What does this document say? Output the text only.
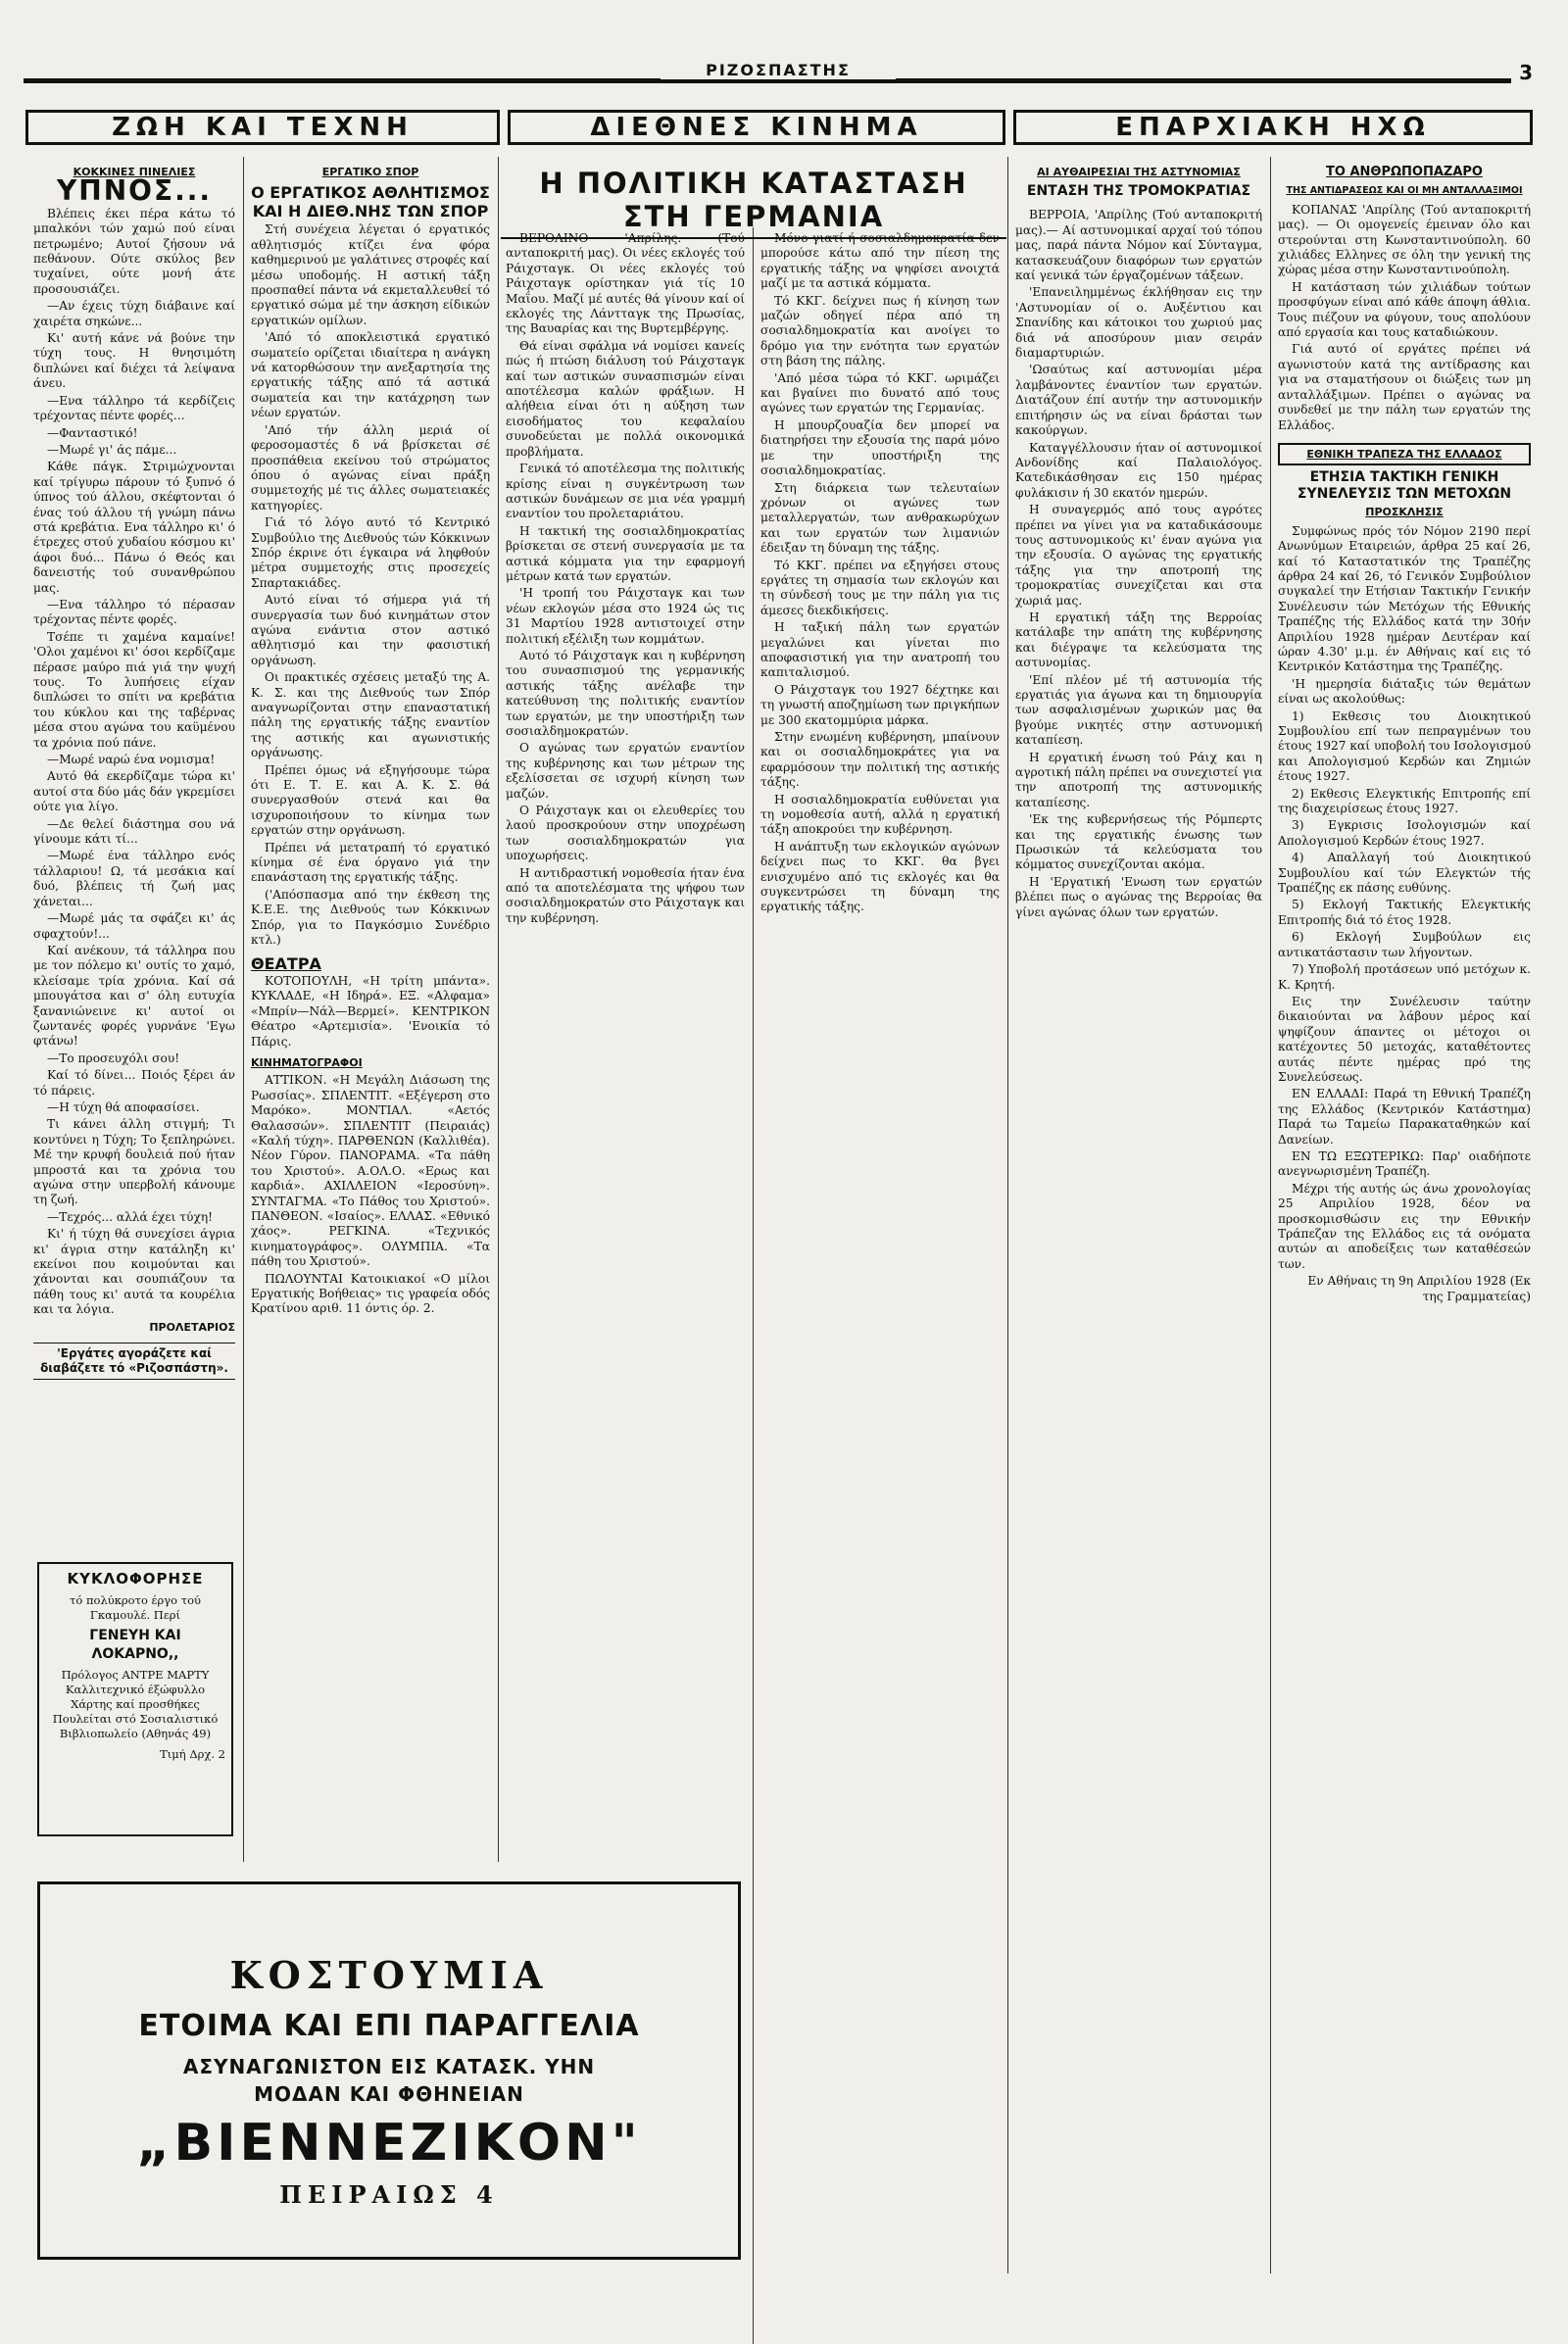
ΡΙΖΟΣΠΑΣΤΗΣ	3
ΖΩΗ ΚΑΙ ΤΕΧΝΗ	ΔΙΕΘΝΕΣ ΚΙΝΗΜΑ	ΕΠΑΡΧΙΑΚΗ ΗΧΩ
ΚΟΚΚΙΝΕΣ ΠΙΝΕΛΙΕΣ
ΥΠΝΟΣ...

Βλέπεις έκει πέρα κάτω τό μπαλκόνι τών χαμώ πού είναι πετρωμένο; Αυτοί ζήσουν νά πεθάνουν. Ούτε σκύλος βεν τυχαίνει, ούτε μονή άτε προσουσιάζει.

—Αν έχεις τύχη διάβαινε καί χαιρέτα σηκώνε...

Κι' αυτή κάνε νά βούνε την τύχη τους. Η θνησιμότη διπλώνει καί διέχει τά λείψανα άνευ.

—Ενα τάλληρο τά κερδίζεις τρέχοντας πέντε φορές...

—Φανταστικό!

—Μωρέ γι' άς πάμε...

Κάθε πάγκ. Στριμώχνονται καί τρίγυρω πάρουν τό ξυπνό ό ύπνος τού άλλου, σκέφτονται ό ένας τού άλλου τή γνώμη πάνω στά κρεβάτια. Ενα τάλληρο κι' ό έτρεχες στού χυδαίου κόσμου κι' άφοι δυό... Πάνω ό Θεός και δανειστής τού συνανθρώπου μας.

—Ενα τάλληρο τό πέρασαν τρέχοντας πέντε φορές.

Τσέπε τι χαμένα καμαίνε! 'Ολοι χαμένοι κι' όσοι κερδίζαμε πέρασε μαύρο πιά γιά την ψυχή τους. Το λυπήσεις είχαν διπλώσει το σπίτι να κρεβάτια του κύκλου και της ταβέρνας μέσα στου αγώνα του καϋμένου τα χρόνια πού πάνε.

—Μωρέ ναρώ ένα νομισμα!

Αυτό θά εκερδίζαμε τώρα κι' αυτοί στα δύο μάς δάν γκρεμίσει ούτε για λίγο.

—Δε θελεί διάστημα σου νά γίνουμε κάτι τί...

—Μωρέ ένα τάλληρο ενός τάλλαριου! Ω, τά μεσάκια καί δυό, βλέπεις τή ζωή μας χάνεται...

—Μωρέ μάς τα σφάζει κι' άς σφαχτούν!...

Καί ανέκουν, τά τάλληρα που με τον πόλεμο κι' ουτίς το χαμό, κλείσαμε τρία χρόνια. Καί σά μπουγάτσα και σ' όλη ευτυχία ξανανιώνεινε κι' αυτοί οι ζωντανές φορές γυρνάνε 'Εγω φτάνω!

—Το προσευχόλι σου!

Καί τό δίνει... Ποιός ξέρει άν τό πάρεις.

—Η τύχη θά αποφασίσει.

Τι κάνει άλλη στιγμή; Τι κοντύνει η Τύχη; Το ξεπληρώνει. Μέ την κρυφή δουλειά πού ήταν μπροστά και τα χρόνια του αγώνα στην υπερβολή κάνουμε τη ζωή.

—Τεχρός... αλλά έχει τύχη!

Κι' ή τύχη θά συνεχίσει άγρια κι' άγρια στην κατάληξη κι' εκείνοι που κοιμούνται και χάνονται και σουπιάζουν τα πάθη τους κι' αυτά τα κουρέλια και τα λόγια.

ΠΡΟΛΕΤΑΡΙΟΣ
'Εργάτες αγοράζετε καί διαβάζετε τό «Ριζοσπάστη».
ΚΥΚΛΟΦΟΡΗΣΕ
τό πολύκροτο έργο τού Γκαμουλέ. Περί
ΓΕΝΕΥΗ ΚΑΙ ΛΟΚΑΡΝΟ,,
Πρόλογος ΑΝΤΡΕ ΜΑΡΤΥ
Καλλιτεχνικό έξώφυλλο Χάρτης καί προσθήκες Πουλείται στό Σοσιαλιστικό Βιβλιοπωλείο (Αθηνάς 49)
Τιμή Δρχ. 2
ΕΡΓΑΤΙΚΟ ΣΠΟΡ
Ο ΕΡΓΑΤΙΚΟΣ ΑΘΛΗΤΙΣΜΟΣ ΚΑΙ Η ΔΙΕΘ.ΝΗΣ ΤΩΝ ΣΠΟΡ

Στή συνέχεια λέγεται ό εργατικός αθλητισμός κτίζει ένα φόρα καθημερινού με γαλάτινες στροφές καί μέσω υποδομής. Η αστική τάξη προσπαθεί πάντα νά εκμεταλλευθεί τό εργατικό σώμα μέ την άσκηση είδικών εργατικών ομίλων.

'Από τό αποκλειστικά εργατικό σωματείο ορίζεται ιδιαίτερα η ανάγκη νά κατορθώσουν την ανεξαρτησία της εργατικής τάξης από τά αστικά σωματεία και την κατάχρηση των νέων εργατών.

'Από τήν άλλη μεριά οί φεροσομαστές δ νά βρίσκεται σέ προσπάθεια εκείνου τού στρώματος όπου ό αγώνας είναι πράξη συμμετοχής μέ τις άλλες σωματειακές κατηγορίες.

Γιά τό λόγο αυτό τό Κεντρικό Συμβούλιο της Διεθνούς τών Κόκκινων Σπόρ έκρινε ότι έγκαιρα νά ληφθούν μέτρα συμμετοχής στις προσεχείς Σπαρτακιάδες.

Αυτό είναι τό σήμερα γιά τή συνεργασία των δυό κινημάτων στον αγώνα ενάντια στον αστικό αθλητισμό και την φασιστική οργάνωση.

Οι πρακτικές σχέσεις μεταξύ της Α. Κ. Σ. και της Διεθνούς των Σπόρ αναγνωρίζονται στην επαναστατική πάλη της εργατικής τάξης εναντίον της αστικής και αγωνιστικής οργάνωσης.

Πρέπει όμως νά εξηγήσουμε τώρα ότι Ε. Τ. Ε. και Α. Κ. Σ. θά συνεργασθούν στενά και θα ισχυροποιήσουν το κίνημα των εργατών στην οργάνωση.

Πρέπει νά μετατραπή τό εργατικό κίνημα σέ ένα όργανο γιά την επανάσταση της εργατικής τάξης.

('Απόσπασμα από την έκθεση της Κ.Ε.Ε. της Διεθνούς των Κόκκινων Σπόρ, για το Παγκόσμιο Συνέδριο κτλ.)

ΘΕΑΤΡΑ

ΚΟΤΟΠΟΥΛΗ, «Η τρίτη μπάντα». ΚΥΚΛΑΔΕ, «Η Ιδηρά». ΕΞ. «Αλφαμα» «Μπρίν—Νάλ—Βερμεί». ΚΕΝΤΡΙΚΟΝ Θέατρο «Αρτεμισία». 'Ενοικία τό Πάρις.

ΚΙΝΗΜΑΤΟΓΡΑΦΟΙ

ΑΤΤΙΚΟΝ. «Η Μεγάλη Διάσωση της Ρωσσίας». ΣΠΛΕΝΤΙΤ. «Εξέγερση στο Μαρόκο». ΜΟΝΤΙΑΛ. «Αετός Θαλασσών». ΣΠΛΕΝΤΙΤ (Πειραιάς) «Καλή τύχη». ΠΑΡΘΕΝΩΝ (Καλλιθέα). Νέον Γύρον. ΠΑΝΟΡΑΜΑ. «Τα πάθη του Χριστού». Α.ΟΛ.Ο. «Ερως και καρδιά». ΑΧΙΛΛΕΙΟΝ «Ιεροσύνη». ΣΥΝΤΑΓΜΑ. «Το Πάθος του Χριστού». ΠΑΝΘΕΟΝ. «Ισαίος». ΕΛΛΑΣ. «Εθνικό χάος». ΡΕΓΚΙΝΑ. «Τεχνικός κινηματογράφος». ΟΛΥΜΠΙΑ. «Τα πάθη του Χριστού».

ΠΩΛΟΥΝΤΑΙ Κατοικιακοί «Ο μίλοι Εργατικής Βοήθειας» τις γραφεία οδός Κρατίνου αριθ. 11 όντις όρ. 2.

Η ΠΟΛΙΤΙΚΗ ΚΑΤΑΣΤΑΣΗ ΣΤΗ ΓΕΡΜΑΝΙΑ

ΒΕΡΟΛΙΝΟ 'Απρίλης. (Τού ανταποκριτή μας). Οι νέες εκλογές τού Ράιχσταγκ. Οι νέες εκλογές τού Ράιχσταγκ ορίστηκαν γιά τίς 10 Μαΐου. Μαζί μέ αυτές θά γίνουν καί οί εκλογές της Λάντταγκ της Πρωσίας, της Βαυαρίας και της Βυρτεμβέργης.

Θά είναι σφάλμα νά νομίσει κανείς πώς ή πτώση διάλυση τού Ράιχσταγκ καί των αστικών συνασπισμών είναι αποτέλεσμα καλών φράξιων. Η αλήθεια είναι ότι η αύξηση των εισοδήματος του κεφαλαίου συνοδεύεται με πολλά οικονομικά προβλήματα.

Γενικά τό αποτέλεσμα της πολιτικής κρίσης είναι η συγκέντρωση των αστικών δυνάμεων σε μια νέα γραμμή εναντίον του προλεταριάτου.

Η τακτική της σοσιαλδημοκρατίας βρίσκεται σε στενή συνεργασία με τα αστικά κόμματα για την εφαρμογή μέτρων κατά των εργατών.

'Η τροπή του Ράιχσταγκ και των νέων εκλογών μέσα στο 1924 ώς τις 31 Μαρτίου 1928 αντιστοιχεί στην πολιτική εξέλιξη των κομμάτων.

Αυτό τό Ράιχσταγκ και η κυβέρνηση του συνασπισμού της γερμανικής αστικής τάξης ανέλαβε την κατεύθυνση της πολιτικής εναντίον των εργατών, με την υποστήριξη των σοσιαλδημοκρατών.

Ο αγώνας των εργατών εναντίον της κυβέρνησης και των μέτρων της εξελίσσεται σε ισχυρή κίνηση των μαζών.

Ο Ράιχσταγκ και οι ελευθερίες του λαού προσκρούουν στην υποχρέωση των σοσιαλδημοκρατών για υποχωρήσεις.

Η αντιδραστική νομοθεσία ήταν ένα από τα αποτελέσματα της ψήφου των σοσιαλδημοκρατών στο Ράιχσταγκ και την κυβέρνηση.

Μόνο γιατί ή σοσιαλδημοκρατία δεν μπορούσε κάτω από την πίεση της εργατικής τάξης να ψηφίσει ανοιχτά μαζί με τα αστικά κόμματα.

Τό ΚΚΓ. δείχνει πως ή κίνηση των μαζών οδηγεί πέρα από τη σοσιαλδημοκρατία και ανοίγει το δρόμο για την ενότητα των εργατών στη βάση της πάλης.

'Από μέσα τώρα τό ΚΚΓ. ωριμάζει και βγαίνει πιο δυνατό από τους αγώνες των εργατών της Γερμανίας.

Η μπουρζουαζία δεν μπορεί να διατηρήσει την εξουσία της παρά μόνο με την υποστήριξη της σοσιαλδημοκρατίας.

Στη διάρκεια των τελευταίων χρόνων οι αγώνες των μεταλλεργατών, των ανθρακωρύχων και των εργατών των λιμανιών έδειξαν τη δύναμη της τάξης.

Τό ΚΚΓ. πρέπει να εξηγήσει στους εργάτες τη σημασία των εκλογών και τη σύνδεσή τους με την πάλη για τις άμεσες διεκδικήσεις.

Η ταξική πάλη των εργατών μεγαλώνει και γίνεται πιο αποφασιστική για την ανατροπή του καπιταλισμού.

Ο Ράιχσταγκ του 1927 δέχτηκε και τη γνωστή αποζημίωση των πριγκήπων με 300 εκατομμύρια μάρκα.

Στην ενωμένη κυβέρνηση, μπαίνουν και οι σοσιαλδημοκράτες για να εφαρμόσουν την πολιτική της αστικής τάξης.

Η σοσιαλδημοκρατία ευθύνεται για τη νομοθεσία αυτή, αλλά η εργατική τάξη αποκρούει την κυβέρνηση.

Η ανάπτυξη των εκλογικών αγώνων δείχνει πως το ΚΚΓ. θα βγει ενισχυμένο από τις εκλογές και θα συγκεντρώσει τη δύναμη της εργατικής τάξης.

ΑΙ ΑΥΘΑΙΡΕΣΙΑΙ ΤΗΣ ΑΣΤΥΝΟΜΙΑΣ
ΕΝΤΑΣΗ ΤΗΣ ΤΡΟΜΟΚΡΑΤΙΑΣ

ΒΕΡΡΟΙΑ, 'Απρίλης (Τού ανταποκριτή μας).— Αί αστυνομικαί αρχαί τού τόπου μας, παρά πάντα Νόμον καί Σύνταγμα, κατασκευάζουν διαφόρων των εργατών καί γενικά τών έργαζομένων τάξεων.

'Επανειλημμένως έκλήθησαν εις την 'Αστυνομίαν οί ο. Αυξέντιου και Σπανίδης και κάτοικοι του χωριού μας διά νά αποσύρουν μιαν σειράν διαμαρτυριών.

'Ωσαύτως καί αστυνομίαι μέρα λαμβάνοντες έναντίον των εργατών. Διατάζουν έπί αυτήν την αστυνομικήν επιτήρησιν ώς να είναι δράσται των κακούργων.

Καταγγέλλουσιν ήταν οί αστυνομικοί Ανδονίδης καί Παλαιολόγος. Κατεδικάσθησαν εις 150 ημέρας φυλάκισιν ή 30 εκατόν ημερών.

Η συναγερμός από τους αγρότες πρέπει να γίνει για να καταδικάσουμε τους αστυνομικούς κι' έναν αγώνα για την εξουσία. Ο αγώνας της εργατικής τάξης για την αποτροπή της τρομοκρατίας συνεχίζεται και στα χωριά μας.

Η εργατική τάξη της Βερροίας κατάλαβε την απάτη της κυβέρνησης και διέγραψε τα κελεύσματα της αστυνομίας.

'Επί πλέον μέ τή αστυνομία τής εργατιάς για άγωνα και τη δημιουργία των ασφαλισμένων χωρικών μας θα βγούμε νικητές στην αστυνομική καταπίεση.

Η εργατική ένωση τού Ράιχ και η αγροτική πάλη πρέπει να συνεχιστεί για την αποτροπή της αστυνομικής καταπίεσης.

'Εκ της κυβερνήσεως τής Ρόμπερτς και της εργατικής ένωσης των Πρωσικών τά κελεύσματα του κόμματος συνεχίζονται ακόμα.

Η 'Εργατική 'Ενωση των εργατών βλέπει πως ο αγώνας της Βερροίας θα γίνει αγώνας όλων των εργατών.

ΤΟ ΑΝΘΡΩΠΟΠΑΖΑΡΟ
ΤΗΣ ΑΝΤΙΔΡΑΣΕΩΣ ΚΑΙ ΟΙ ΜΗ ΑΝΤΑΛΛΑΞΙΜΟΙ

ΚΟΠΑΝΑΣ 'Απρίλης (Τού ανταποκριτή μας). — Οι ομογενείς έμειναν όλο και στερούνται στη Κωνσταντινούπολη. 60 χιλιάδες Ελληνες σε όλη την γενική της χώρας μέσα στην Κωνσταντινούπολη.

Η κατάσταση τών χιλιάδων τούτων προσφύγων είναι από κάθε άποψη άθλια. Τους πιέζουν να φύγουν, τους απολύουν από εργασία και τους καταδιώκουν.

Γιά αυτό οί εργάτες πρέπει νά αγωνιστούν κατά της αντίδρασης και για να σταματήσουν οι διώξεις των μη ανταλλάξιμων. Πρέπει ο αγώνας να συνδεθεί με την πάλη των εργατών της Ελλάδος.

ΕΘΝΙΚΗ ΤΡΑΠΕΖΑ ΤΗΣ ΕΛΛΑΔΟΣ
ΕΤΗΣΙΑ ΤΑΚΤΙΚΗ ΓΕΝΙΚΗ ΣΥΝΕΛΕΥΣΙΣ ΤΩΝ ΜΕΤΟΧΩΝ
ΠΡΟΣΚΛΗΣΙΣ

Συμφώνως πρός τόν Νόμον 2190 περί Ανωνύμων Εταιρειών, άρθρα 25 καί 26, καί τό Καταστατικόν της Τραπέζης άρθρα 24 καί 26, τό Γενικόν Συμβούλιον συγκαλεί την Ετήσιαν Τακτικήν Γενικήν Συνέλευσιν τών Μετόχων τής Εθνικής Τραπέζης τής Ελλάδος κατά την 30ήν Απριλίου 1928 ημέραν Δευτέραν καί ώραν 4.30' μ.μ. έν Αθήναις καί εις τό Κεντρικόν Κατάστημα της Τραπέζης.

'Η ημερησία διάταξις τών θεμάτων είναι ως ακολούθως:

1) Εκθεσις του Διοικητικού Συμβουλίου επί των πεπραγμένων του έτους 1927 καί υποβολή του Ισολογισμού και Απολογισμού Κερδών και Ζημιών έτους 1927.

2) Εκθεσις Ελεγκτικής Επιτροπής επί της διαχειρίσεως έτους 1927.

3) Εγκρισις Ισολογισμών καί Απολογισμού Κερδών έτους 1927.

4) Απαλλαγή τού Διοικητικού Συμβουλίου καί τών Ελεγκτών τής Τραπέζης εκ πάσης ευθύνης.

5) Εκλογή Τακτικής Ελεγκτικής Επιτροπής διά τό έτος 1928.

6) Εκλογή Συμβούλων εις αντικατάστασιν των λήγοντων.

7) Υποβολή προτάσεων υπό μετόχων κ. Κ. Κρητή.

Εις την Συνέλευσιν ταύτην δικαιούνται να λάβουν μέρος καί ψηφίζουν άπαντες οι μέτοχοι οι κατέχοντες 50 μετοχάς, καταθέτοντες αυτάς πέντε ημέρας πρό της Συνελεύσεως.

ΕΝ ΕΛΛΑΔΙ: Παρά τη Εθνική Τραπέζη της Ελλάδος (Κεντρικόν Κατάστημα) Παρά τω Ταμείω Παρακαταθηκών καί Δανείων.

ΕΝ ΤΩ ΕΞΩΤΕΡΙΚΩ: Παρ' οιαδήποτε ανεγνωρισμένη Τραπέζη.

Μέχρι τής αυτής ώς άνω χρονολογίας 25 Απριλίου 1928, δέον να προσκομισθώσιν εις την Εθνικήν Τράπεζαν της Ελλάδος εις τά ονόματα αυτών αι αποδείξεις των καταθέσεών των.

Εν Αθήναις τη 9η Απριλίου 1928 (Εκ της Γραμματείας)

ΚΟΣΤΟΥΜΙΑ
ΕΤΟΙΜΑ ΚΑΙ ΕΠΙ ΠΑΡΑΓΓΕΛΙΑ
ΑΣΥΝΑΓΩΝΙΣΤΟΝ ΕΙΣ ΚΑΤΑΣΚ. ΥΗΝ
ΜΟΔΑΝ ΚΑΙ ΦΘΗΝΕΙΑΝ
„ΒΙΕΝΝΕΖΙΚΟΝ"
ΠΕΙΡΑΙΩΣ 4
